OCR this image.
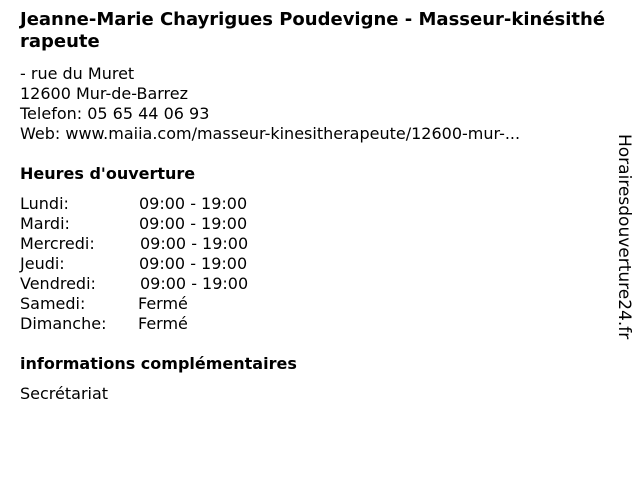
Jeanne-Marie Chayrigues Poudevigne - Masseur-kinésithérapeute
- rue du Muret
12600 Mur-de-Barrez
Telefon: 05 65 44 06 93
Web: www.maiia.com/masseur-kinesitherapeute/12600-mur-...
Heures d'ouverture
Lundi:	09:00 - 19:00
Mardi:	09:00 - 19:00
Mercredi:	09:00 - 19:00
Jeudi:	09:00 - 19:00
Vendredi:	09:00 - 19:00
Samedi:	Fermé
Dimanche: Fermé
informations complémentaires
Secrétariat
Horairesdouverture24.fr
